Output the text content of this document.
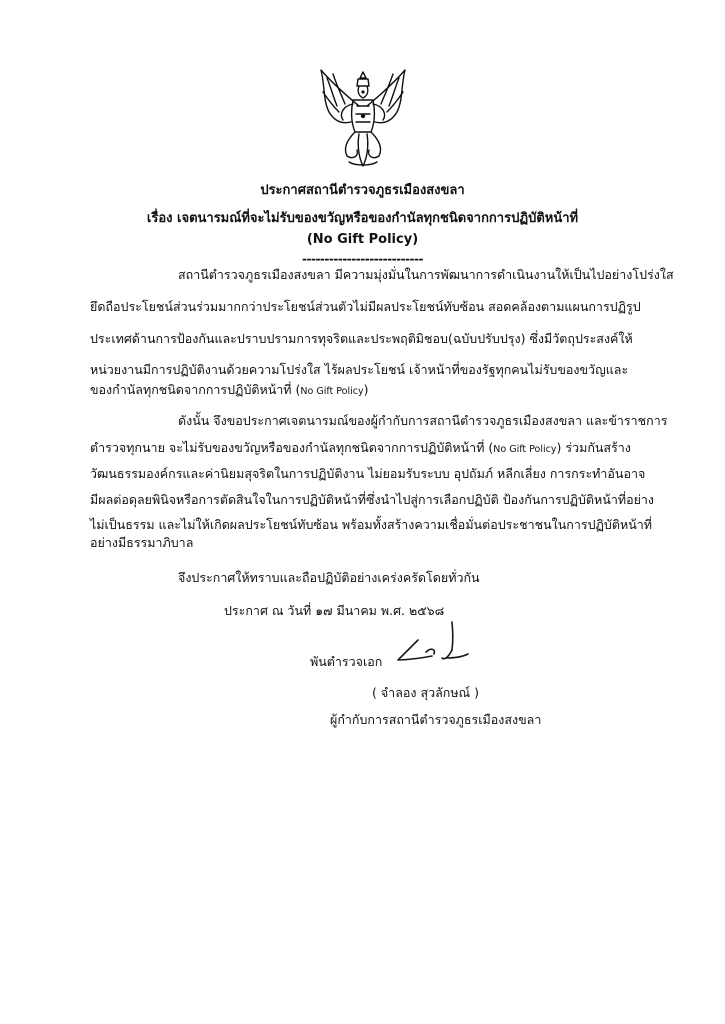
ประกาศสถานีตำรวจภูธรเมืองสงขลา
เรื่อง เจตนารมณ์ที่จะไม่รับของขวัญหรือของกำนัลทุกชนิดจากการปฏิบัติหน้าที่
(No Gift Policy)
---------------------------
สถานีตำรวจภูธรเมืองสงขลา มีความมุ่งมั่นในการพัฒนาการดำเนินงานให้เป็นไปอย่างโปร่งใส
ยึดถือประโยชน์ส่วนร่วมมากกว่าประโยชน์ส่วนตัวไม่มีผลประโยชน์ทับซ้อน สอดคล้องตามแผนการปฏิรูป
ประเทศด้านการป้องกันและปราบปรามการทุจริตและประพฤติมิชอบ(ฉบับปรับปรุง) ซึ่งมีวัตถุประสงค์ให้
หน่วยงานมีการปฏิบัติงานด้วยความโปร่งใส ไร้ผลประโยชน์ เจ้าหน้าที่ของรัฐทุกคนไม่รับของขวัญและ
ของกำนัลทุกชนิดจากการปฏิบัติหน้าที่ (No Gift Policy)
ดังนั้น จึงขอประกาศเจตนารมณ์ของผู้กำกับการสถานีตำรวจภูธรเมืองสงขลา และข้าราชการ
ตำรวจทุกนาย จะไม่รับของขวัญหรือของกำนัลทุกชนิดจากการปฏิบัติหน้าที่ (No Gift Policy) ร่วมกันสร้าง
วัฒนธรรมองค์กรและค่านิยมสุจริตในการปฏิบัติงาน ไม่ยอมรับระบบ อุปถัมภ์ หลีกเลี่ยง การกระทำอันอาจ
มีผลต่อดุลยพินิจหรือการตัดสินใจในการปฏิบัติหน้าที่ซึ่งนำไปสู่การเลือกปฏิบัติ ป้องกันการปฏิบัติหน้าที่อย่าง
ไม่เป็นธรรม และไม่ให้เกิดผลประโยชน์ทับซ้อน พร้อมทั้งสร้างความเชื่อมั่นต่อประชาชนในการปฏิบัติหน้าที่
อย่างมีธรรมาภิบาล
จึงประกาศให้ทราบและถือปฏิบัติอย่างเคร่งครัดโดยทั่วกัน
ประกาศ ณ วันที่ ๑๗ มีนาคม พ.ศ. ๒๕๖๘
พันตำรวจเอก
( จำลอง สุวลักษณ์ )
ผู้กำกับการสถานีตำรวจภูธรเมืองสงขลา
